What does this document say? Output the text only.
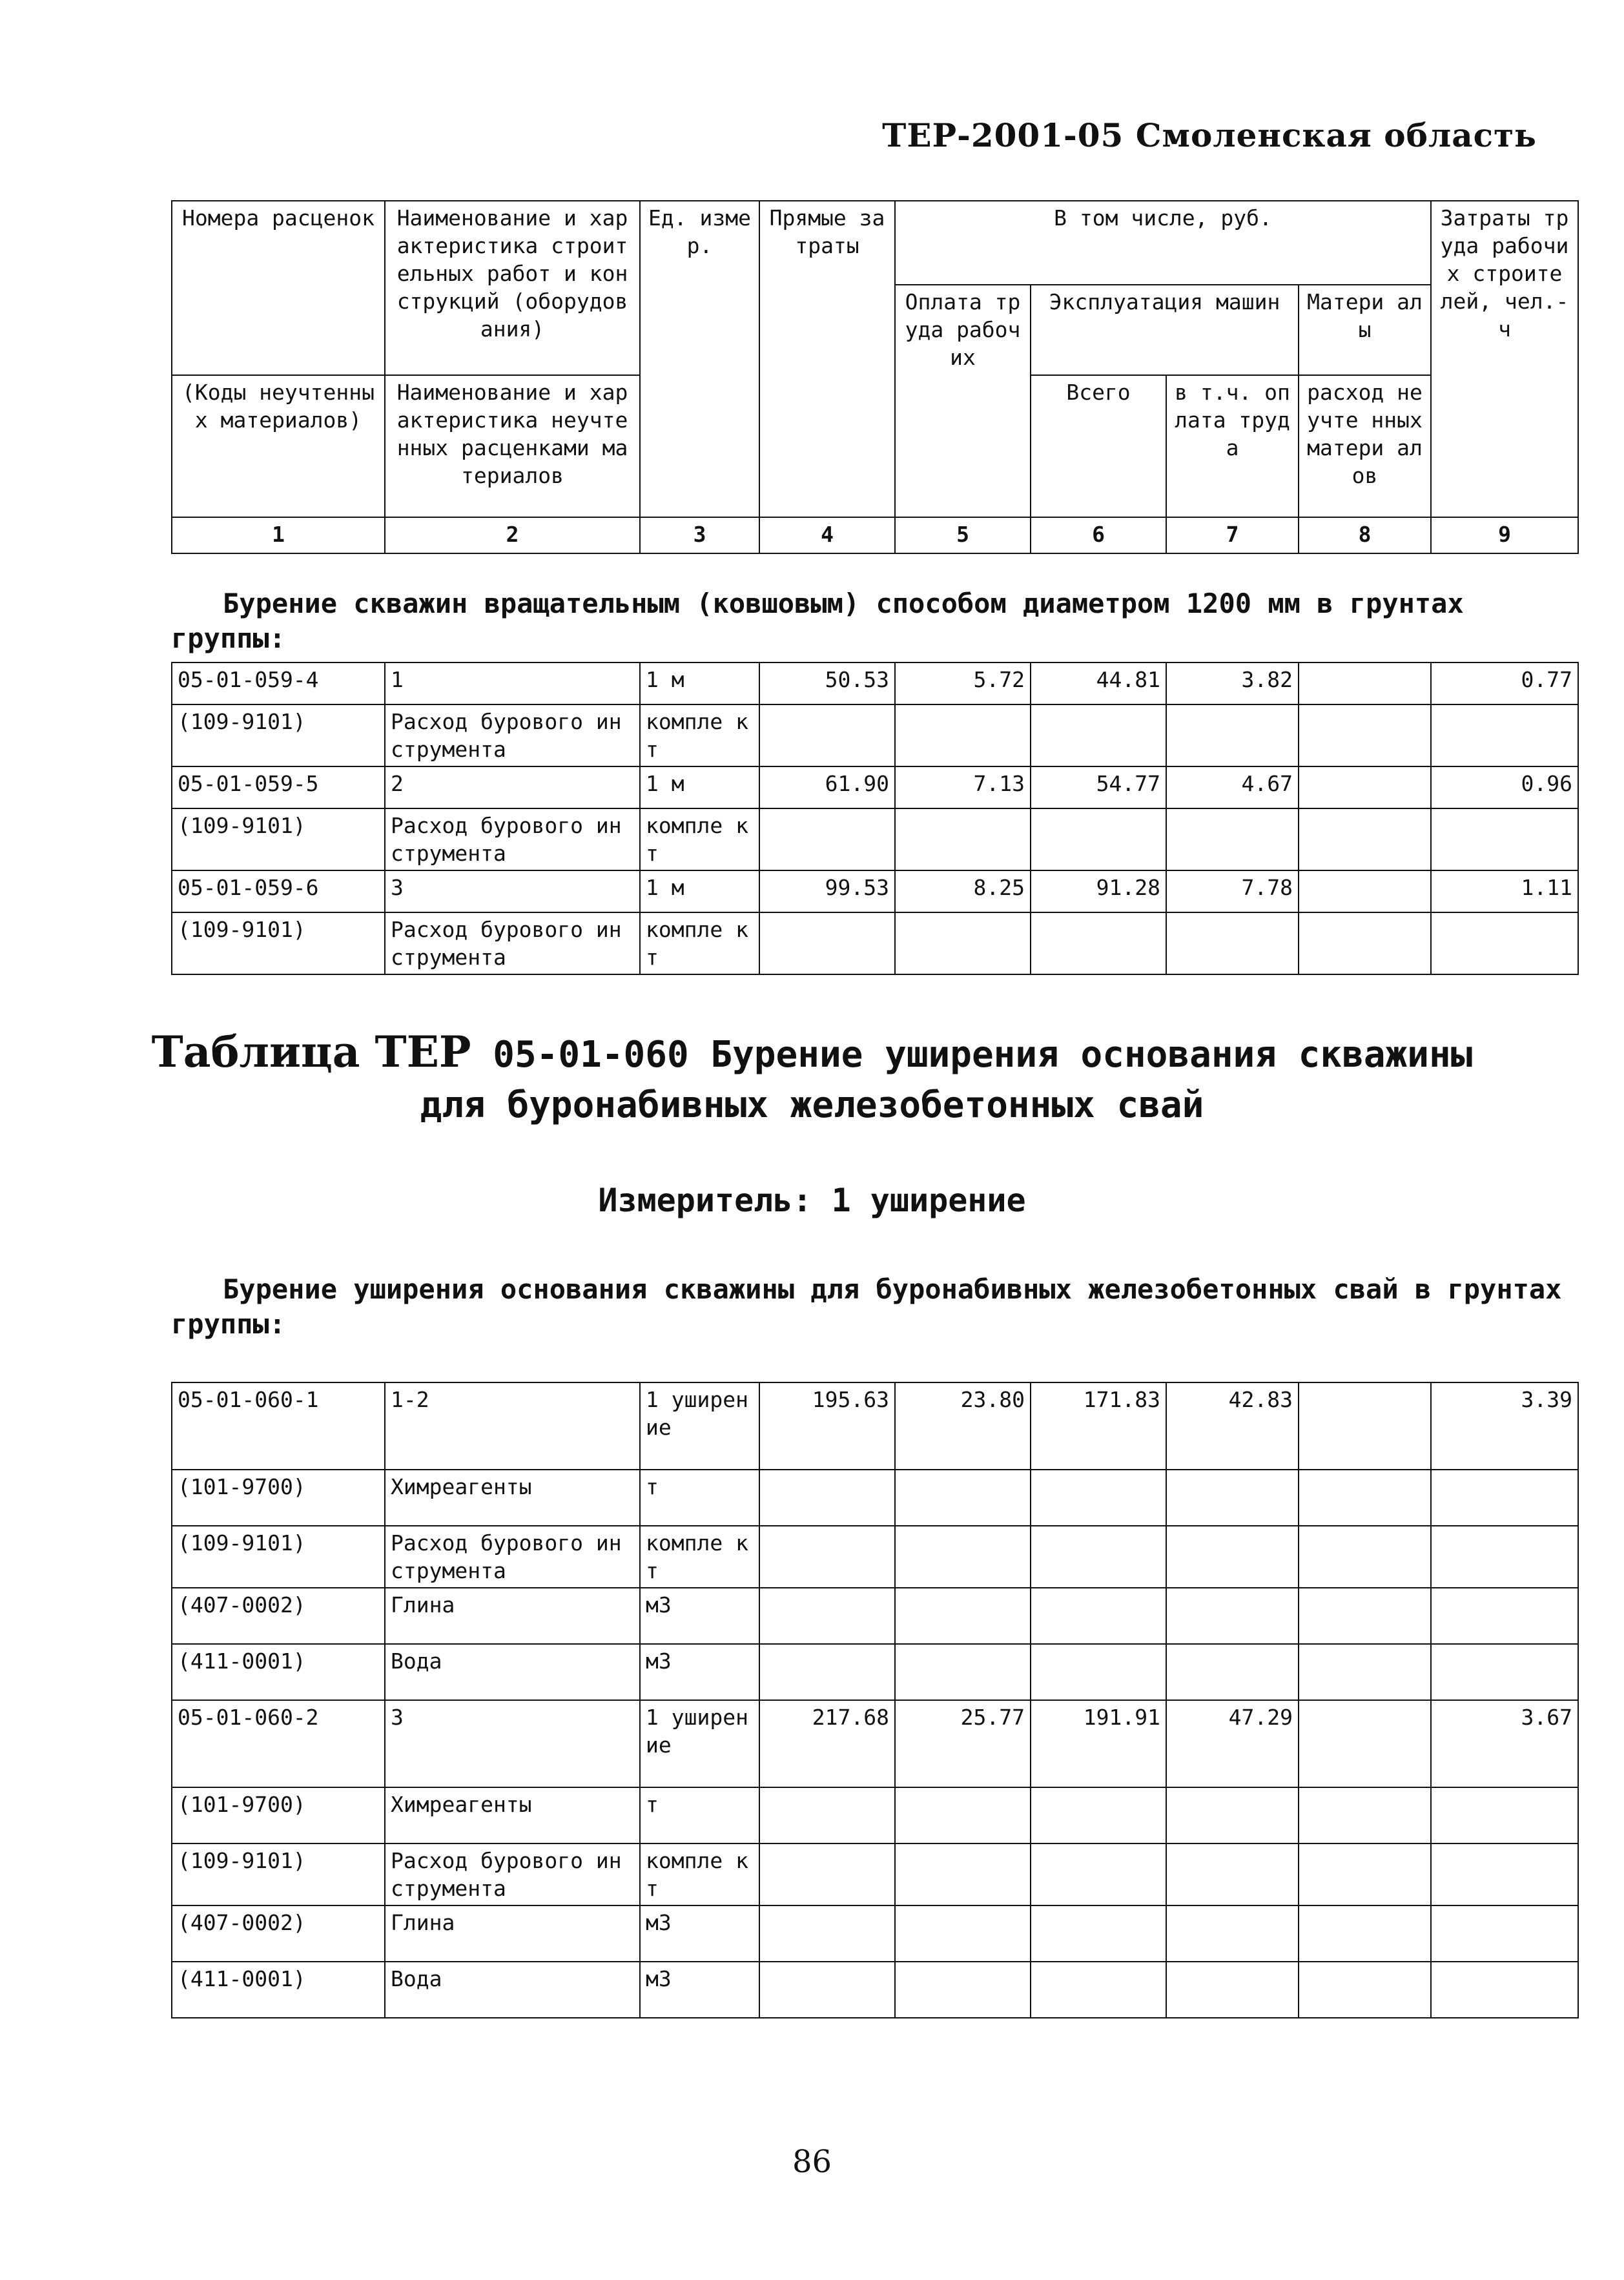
ТЕР-2001-05 Смоленская область
Номера расценок	Наименование и характеристика строительных работ и конструкций (оборудования)	Ед. измер.	Прямые затраты	В том числе, руб.				Затраты труда рабочих строите лей, чел.-ч
				Оплата труда рабочих	Эксплуатация машин		Матери алы	
(Коды неучтенных материалов)	Наименование и характеристика неучтенных расценками материалов				Всего	в т.ч. оплата труда	расход неучте нных матери алов	
1	2	3	4	5	6	7	8	9

Бурение скважин вращательным (ковшовым) способом диаметром 1200 мм в грунтах группы:

05-01-059-4	1	1 м	50.53	5.72	44.81	3.82		0.77
(109-9101)	Расход бурового инструмента	компле кт						
05-01-059-5	2	1 м	61.90	7.13	54.77	4.67		0.96
(109-9101)	Расход бурового инструмента	компле кт						
05-01-059-6	3	1 м	99.53	8.25	91.28	7.78		1.11
(109-9101)	Расход бурового инструмента	компле кт						
Таблица ТЕР 05-01-060 Бурение уширения основания скважины для буронабивных железобетонных свай
Измеритель: 1 уширение

Бурение уширения основания скважины для буронабивных железобетонных свай в грунтах группы:

05-01-060-1	1-2	1 уширен ие	195.63	23.80	171.83	42.83		3.39
(101-9700)	Химреагенты	т						
(109-9101)	Расход бурового инструмента	компле кт						
(407-0002)	Глина	м3						
(411-0001)	Вода	м3						
05-01-060-2	3	1 уширен ие	217.68	25.77	191.91	47.29		3.67
(101-9700)	Химреагенты	т						
(109-9101)	Расход бурового инструмента	компле кт						
(407-0002)	Глина	м3						
(411-0001)	Вода	м3						
86
